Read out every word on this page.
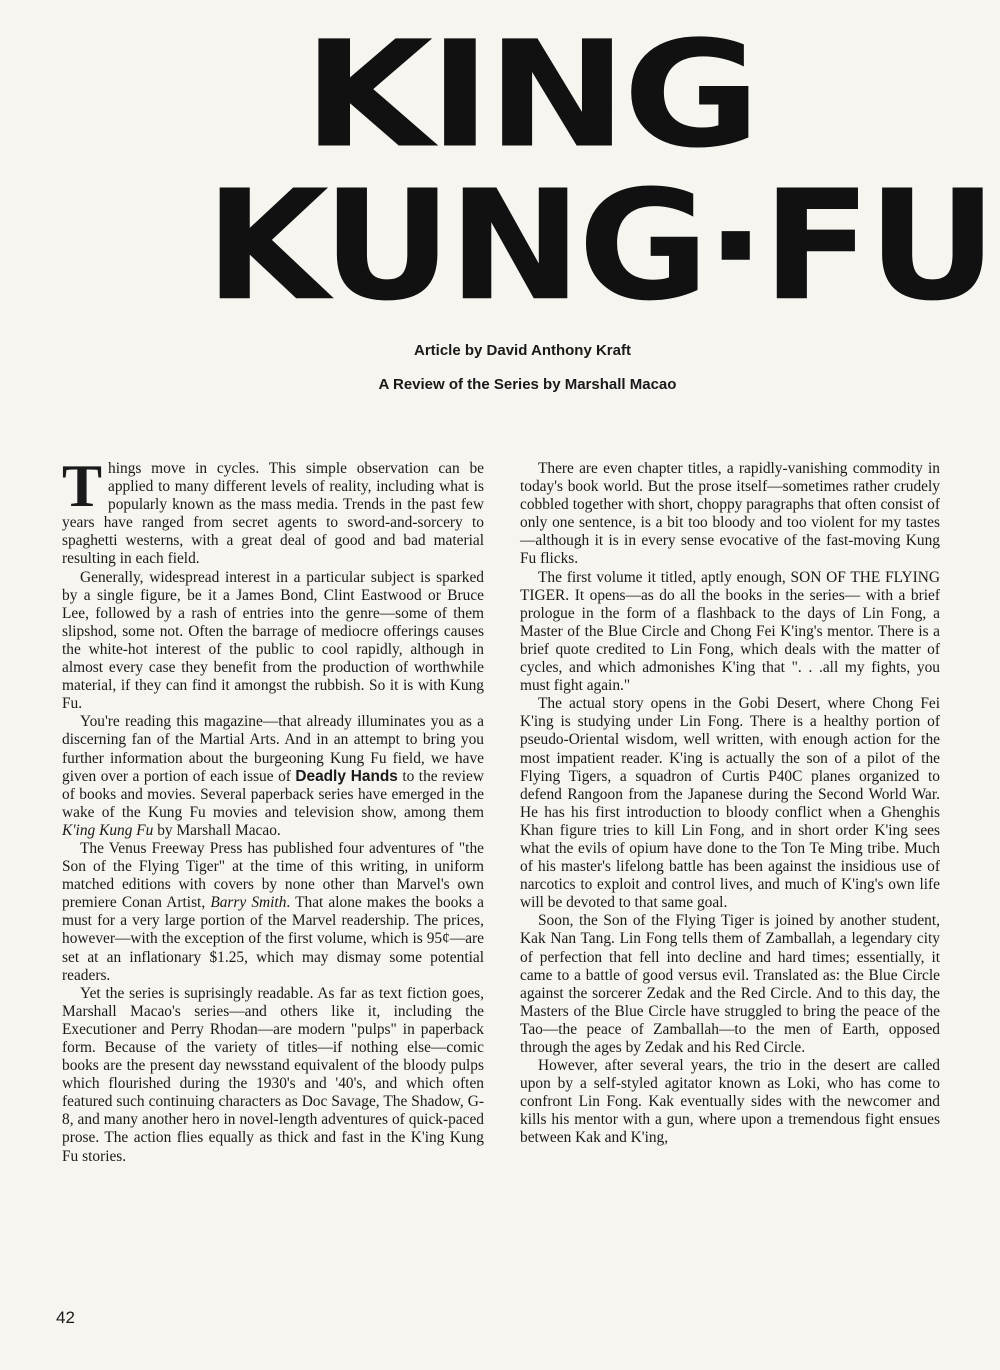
KING
KUNG·FU
Article by David Anthony Kraft
A Review of the Series by Marshall Macao

Things move in cycles. This simple observation can be applied to many different levels of reality, including what is popularly known as the mass media. Trends in the past few years have ranged from secret agents to sword-and-sorcery to spaghetti westerns, with a great deal of good and bad material resulting in each field.

Generally, widespread interest in a particular subject is sparked by a single figure, be it a James Bond, Clint Eastwood or Bruce Lee, followed by a rash of entries into the genre—some of them slipshod, some not. Often the barrage of mediocre offerings causes the white-hot interest of the public to cool rapidly, although in almost every case they benefit from the production of worthwhile material, if they can find it amongst the rubbish. So it is with Kung Fu.

You're reading this magazine—that already illuminates you as a discerning fan of the Martial Arts. And in an attempt to bring you further information about the burgeoning Kung Fu field, we have given over a portion of each issue of Deadly Hands to the review of books and movies. Several paperback series have emerged in the wake of the Kung Fu movies and television show, among them K'ing Kung Fu by Marshall Macao.

The Venus Freeway Press has published four adventures of "the Son of the Flying Tiger" at the time of this writing, in uniform matched editions with covers by none other than Marvel's own premiere Conan Artist, Barry Smith. That alone makes the books a must for a very large portion of the Marvel readership. The prices, however—with the exception of the first volume, which is 95¢—are set at an inflationary $1.25, which may dismay some potential readers.

Yet the series is suprisingly readable. As far as text fiction goes, Marshall Macao's series—and others like it, including the Executioner and Perry Rhodan—are modern "pulps" in paperback form. Because of the variety of titles—if nothing else—comic books are the present day newsstand equivalent of the bloody pulps which flourished during the 1930's and '40's, and which often featured such continuing characters as Doc Savage, The Shadow, G-8, and many another hero in novel-length adventures of quick-paced prose. The action flies equally as thick and fast in the K'ing Kung Fu stories.

There are even chapter titles, a rapidly-vanishing commodity in today's book world. But the prose itself—sometimes rather crudely cobbled together with short, choppy paragraphs that often consist of only one sentence, is a bit too bloody and too violent for my tastes—although it is in every sense evocative of the fast-moving Kung Fu flicks.

The first volume it titled, aptly enough, SON OF THE FLYING TIGER. It opens—as do all the books in the series— with a brief prologue in the form of a flashback to the days of Lin Fong, a Master of the Blue Circle and Chong Fei K'ing's mentor. There is a brief quote credited to Lin Fong, which deals with the matter of cycles, and which admonishes K'ing that ". . .all my fights, you must fight again."

The actual story opens in the Gobi Desert, where Chong Fei K'ing is studying under Lin Fong. There is a healthy portion of pseudo-Oriental wisdom, well written, with enough action for the most impatient reader. K'ing is actually the son of a pilot of the Flying Tigers, a squadron of Curtis P40C planes organized to defend Rangoon from the Japanese during the Second World War. He has his first introduction to bloody conflict when a Ghenghis Khan figure tries to kill Lin Fong, and in short order K'ing sees what the evils of opium have done to the Ton Te Ming tribe. Much of his master's lifelong battle has been against the insidious use of narcotics to exploit and control lives, and much of K'ing's own life will be devoted to that same goal.

Soon, the Son of the Flying Tiger is joined by another student, Kak Nan Tang. Lin Fong tells them of Zamballah, a legendary city of perfection that fell into decline and hard times; essentially, it came to a battle of good versus evil. Translated as: the Blue Circle against the sorcerer Zedak and the Red Circle. And to this day, the Masters of the Blue Circle have struggled to bring the peace of the Tao—the peace of Zamballah—to the men of Earth, opposed through the ages by Zedak and his Red Circle.

However, after several years, the trio in the desert are called upon by a self-styled agitator known as Loki, who has come to confront Lin Fong. Kak eventually sides with the newcomer and kills his mentor with a gun, where upon a tremendous fight ensues between Kak and K'ing,

42
